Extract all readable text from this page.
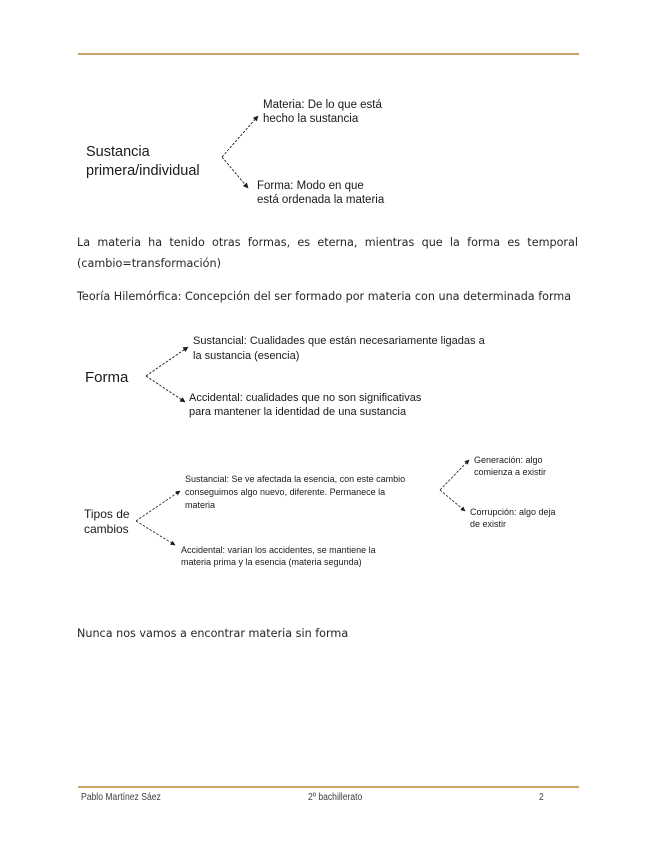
Sustancia
primera/individual
Materia: De lo que está
hecho la sustancia
Forma: Modo en que
está ordenada la materia
Forma
Sustancial: Cualidades que están necesariamente ligadas a
la sustancia (esencia)
Accidental: cualidades que no son significativas
para mantener la identidad de una sustancia
Tipos de
cambios
Sustancial: Se ve afectada la esencia, con este cambio
conseguimos algo nuevo, diferente. Permanece la
materia
Accidental: varían los accidentes, se mantiene la
materia prima y la esencia (materia segunda)
Generación: algo
comienza a existir
Corrupción: algo deja
de existir

La materia ha tenido otras formas, es eterna, mientras que la forma es temporal

(cambio=transformación)

Teoría Hilemórfica: Concepción del ser formado por materia con una determinada forma

Nunca nos vamos a encontrar materia sin forma

Pablo Martínez Sáez	2º bachillerato	2
